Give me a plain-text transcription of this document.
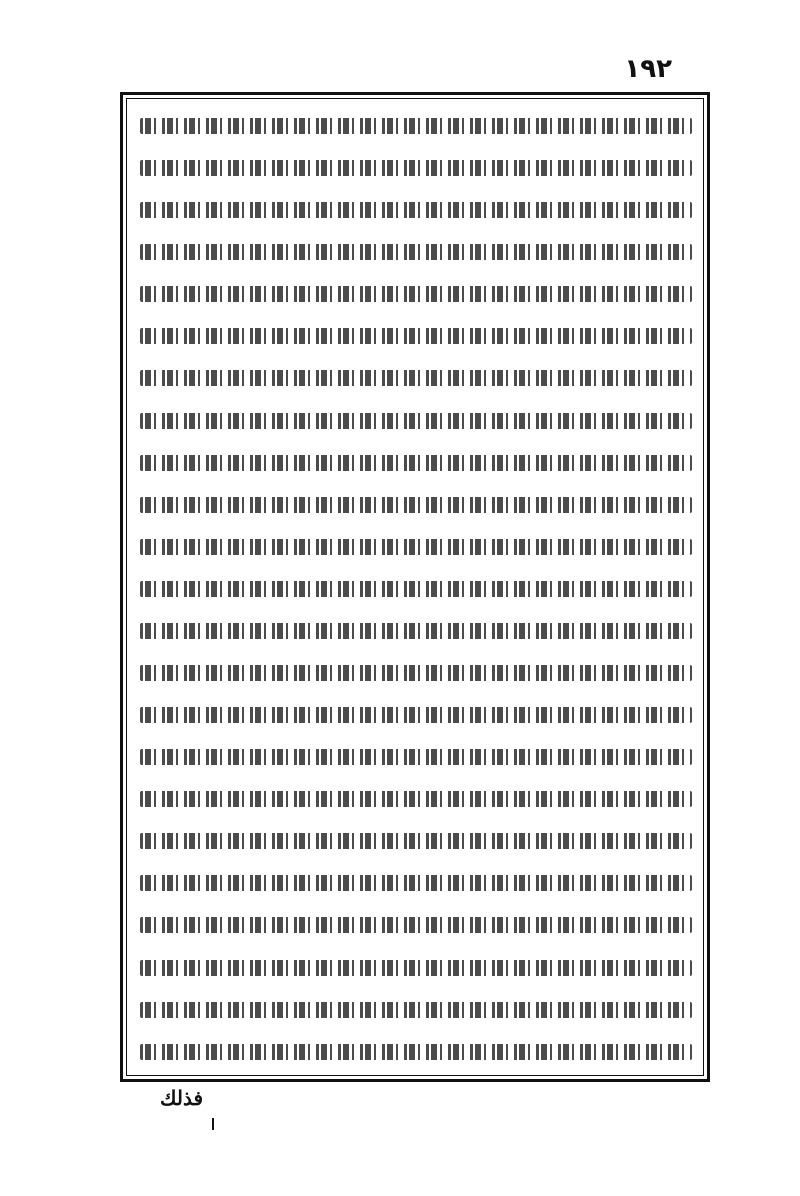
١٩٢
فذلك
